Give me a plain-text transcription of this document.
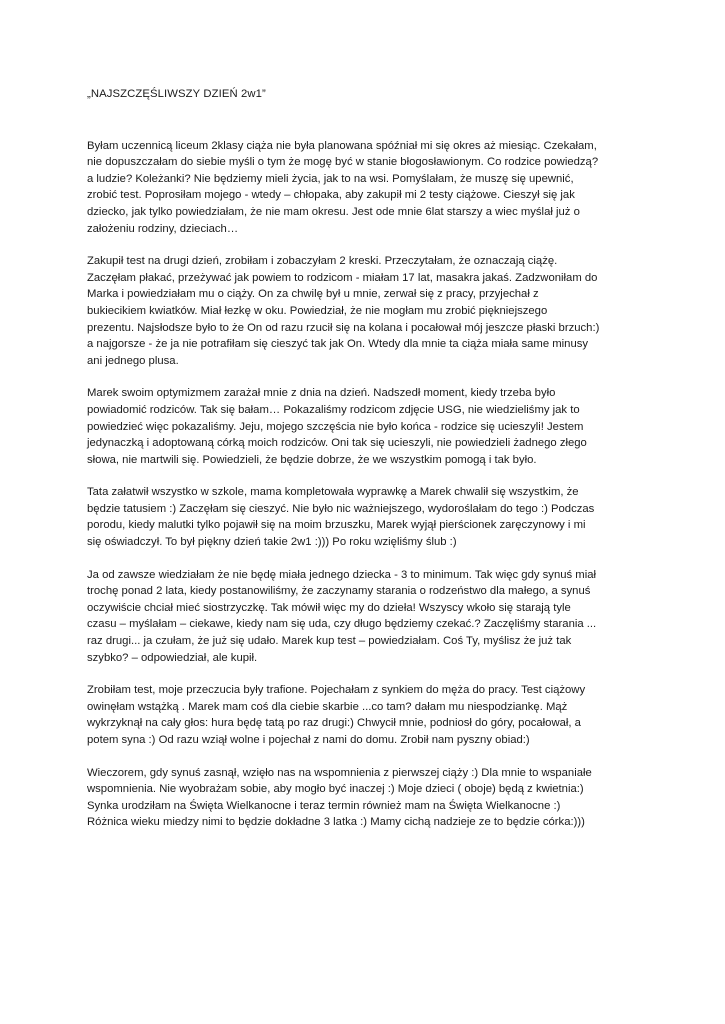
„NAJSZCZĘŚLIWSZY DZIEŃ 2w1”
Byłam uczennicą liceum 2klasy ciąża nie była planowana spóźniał mi się okres aż miesiąc. Czekałam,
nie dopuszczałam do siebie myśli o tym że mogę być w stanie błogosławionym. Co rodzice powiedzą?
a ludzie? Koleżanki? Nie będziemy mieli życia, jak to na wsi. Pomyślałam, że muszę się upewnić,
zrobić test. Poprosiłam mojego - wtedy – chłopaka, aby zakupił mi 2 testy ciążowe. Cieszył się jak
dziecko, jak tylko powiedziałam, że nie mam okresu. Jest ode mnie 6lat starszy a wiec myślał już o
założeniu rodziny, dzieciach…
Zakupił test na drugi dzień, zrobiłam i zobaczyłam 2 kreski. Przeczytałam, że oznaczają ciążę.
Zaczęłam płakać, przeżywać jak powiem to rodzicom - miałam 17 lat, masakra jakaś. Zadzwoniłam do
Marka i powiedziałam mu o ciąży. On za chwilę był u mnie, zerwał się z pracy, przyjechał z
bukiecikiem kwiatków. Miał łezkę w oku. Powiedział, że nie mogłam mu zrobić piękniejszego
prezentu. Najsłodsze było to że On od razu rzucił się na kolana i pocałował mój jeszcze płaski brzuch:)
a najgorsze - że ja nie potrafiłam się cieszyć tak jak On. Wtedy dla mnie ta ciąża miała same minusy
ani jednego plusa.
Marek swoim optymizmem zarażał mnie z dnia na dzień. Nadszedł moment, kiedy trzeba było
powiadomić rodziców. Tak się bałam… Pokazaliśmy rodzicom zdjęcie USG, nie wiedzieliśmy jak to
powiedzieć więc pokazaliśmy. Jeju, mojego szczęścia nie było końca - rodzice się ucieszyli! Jestem
jedynaczką i adoptowaną córką moich rodziców. Oni tak się ucieszyli, nie powiedzieli żadnego złego
słowa, nie martwili się. Powiedzieli, że będzie dobrze, że we wszystkim pomogą i tak było.
Tata załatwił wszystko w szkole, mama kompletowała wyprawkę a Marek chwalił się wszystkim, że
będzie tatusiem :) Zaczęłam się cieszyć. Nie było nic ważniejszego, wydoroślałam do tego :) Podczas
porodu, kiedy malutki tylko pojawił się na moim brzuszku, Marek wyjął pierścionek zaręczynowy i mi
się oświadczył. To był piękny dzień takie 2w1 :))) Po roku wzięliśmy ślub :)
Ja od zawsze wiedziałam że nie będę miała jednego dziecka - 3 to minimum. Tak więc gdy synuś miał
trochę ponad 2 lata, kiedy postanowiliśmy, że zaczynamy starania o rodzeństwo dla małego, a synuś
oczywiście chciał mieć siostrzyczkę. Tak mówił więc my do dzieła! Wszyscy wkoło się starają tyle
czasu – myślałam – ciekawe, kiedy nam się uda, czy długo będziemy czekać.? Zaczęliśmy starania ...
raz drugi... ja czułam, że już się udało. Marek kup test – powiedziałam. Coś Ty, myślisz że już tak
szybko? – odpowiedział, ale kupił.
Zrobiłam test, moje przeczucia były trafione. Pojechałam z synkiem do męża do pracy. Test ciążowy
owinęłam wstążką . Marek mam coś dla ciebie skarbie ...co tam? dałam mu niespodziankę. Mąż
wykrzyknął na cały głos: hura będę tatą po raz drugi:) Chwycił mnie, podniosł do góry, pocałował, a
potem syna :) Od razu wziął wolne i pojechał z nami do domu. Zrobił nam pyszny obiad:)
Wieczorem, gdy synuś zasnął, wzięło nas na wspomnienia z pierwszej ciąży :) Dla mnie to wspaniałe
wspomnienia. Nie wyobrażam sobie, aby mogło być inaczej :) Moje dzieci ( oboje) będą z kwietnia:)
Synka urodziłam na Święta Wielkanocne i teraz termin również mam na Święta Wielkanocne :)
Różnica wieku miedzy nimi to będzie dokładne 3 latka :) Mamy cichą nadzieje ze to będzie córka:)))
